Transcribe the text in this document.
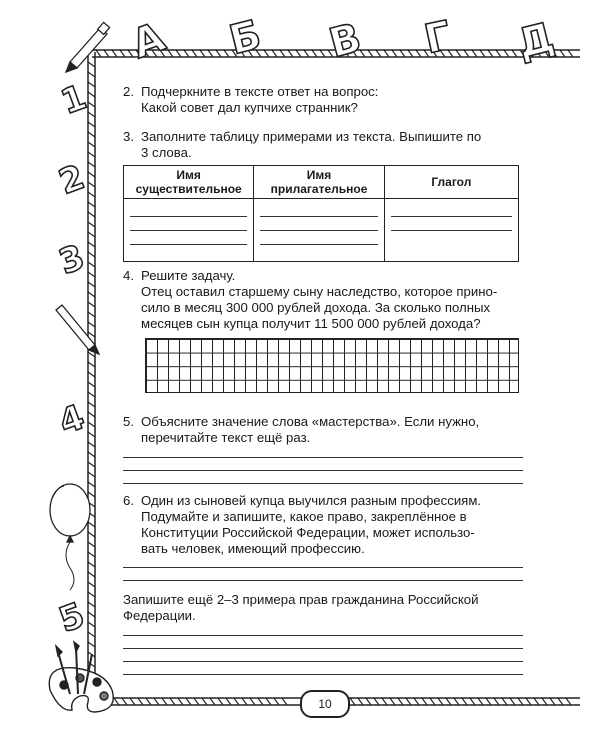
А Б В Г Д
1
2
3
4
5
2. Подчеркните в тексте ответ на вопрос:
Какой совет дал купчихе странник?
3. Заполните таблицу примерами из текста. Выпишите по
3 слова.
Имя существительное	Имя прилагательное	Глагол

4. Решите задачу.
Отец оставил старшему сыну наследство, которое прино-
сило в месяц 300 000 рублей дохода. За сколько полных
месяцев сын купца получит 11 500 000 рублей дохода?
5. Объясните значение слова «мастерства». Если нужно,
перечитайте текст ещё раз.
6. Один из сыновей купца выучился разным профессиям.
Подумайте и запишите, какое право, закреплённое в
Конституции Российской Федерации, может использо-
вать человек, имеющий профессию.
Запишите ещё 2–3 примера прав гражданина Российской
Федерации.
10
